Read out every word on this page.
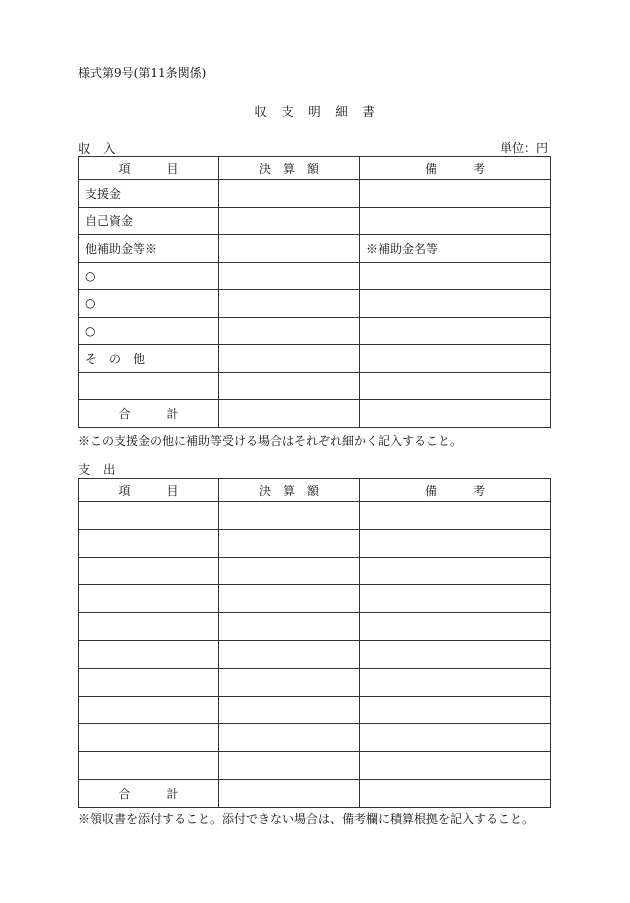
様式第9号(第11条関係)
収　支　明　細　書
収　入	単位：円
項　　　目	決　算　額	備　　　考
支援金		
自己資金		
他補助金等※		※補助金名等
○		
○		
○		
そ　の　他		

合　　　計		
※この支援金の他に補助等受ける場合はそれぞれ細かく記入すること。
支　出
項　　　目	決　算　額	備　　　考

合　　　計		
※領収書を添付すること。添付できない場合は、備考欄に積算根拠を記入すること。
